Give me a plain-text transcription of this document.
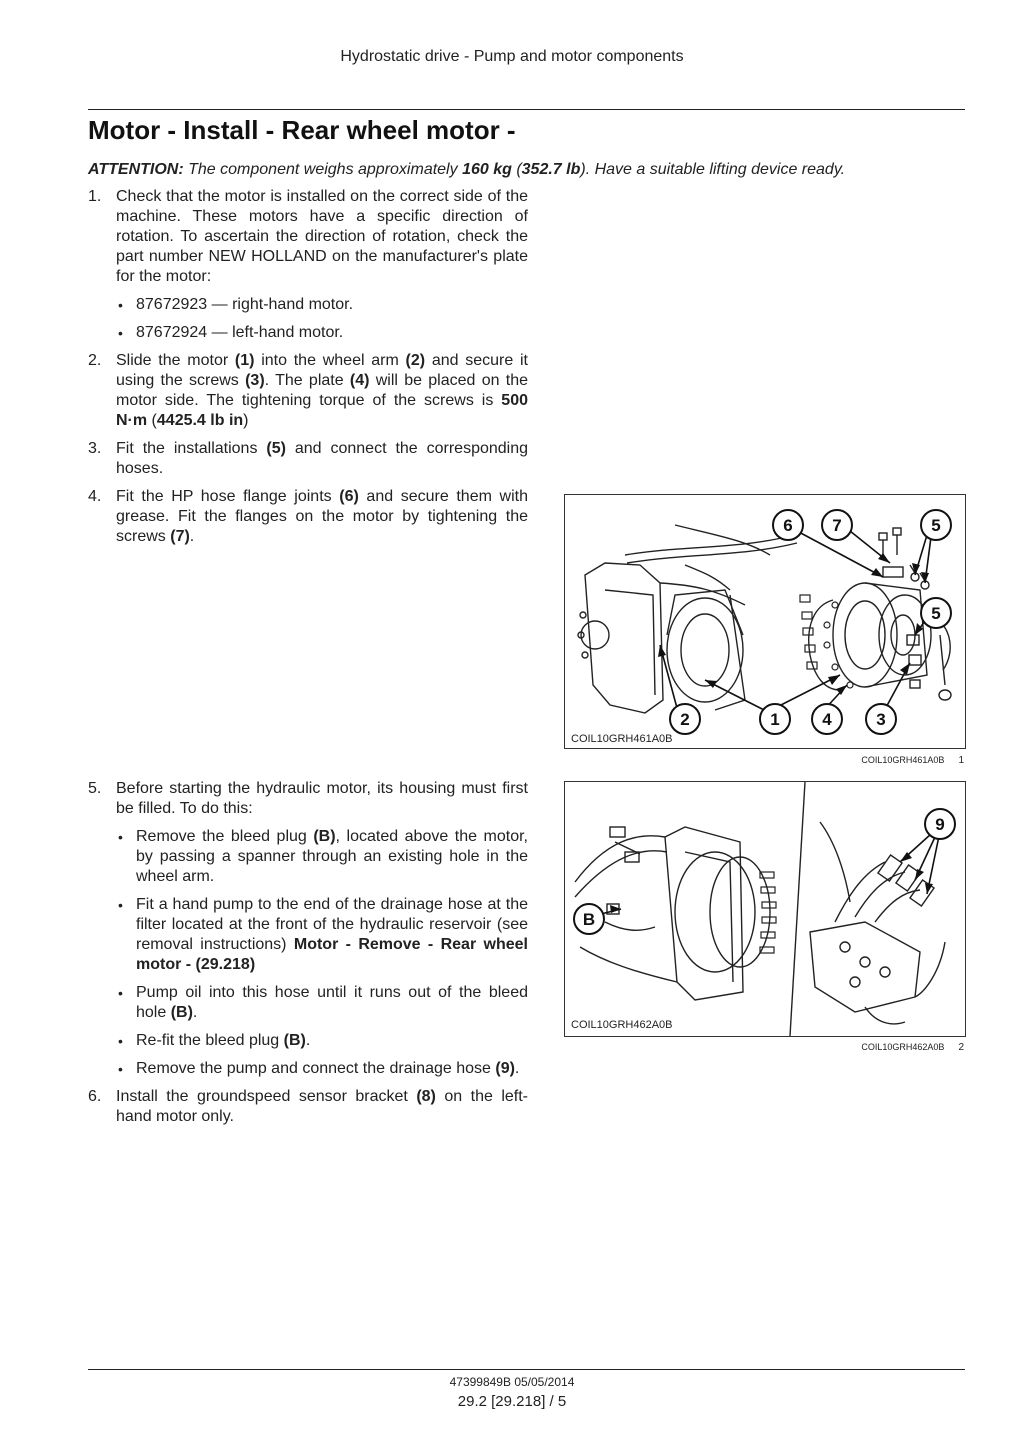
Hydrostatic drive - Pump and motor components
Motor - Install - Rear wheel motor -
ATTENTION: The component weighs approximately 160 kg (352.7 lb). Have a suitable lifting device ready.
1. Check that the motor is installed on the correct side of the machine. These motors have a specific direction of rotation. To ascertain the direction of rotation, check the part number NEW HOLLAND on the manufacturer's plate for the motor:
• 87672923 — right-hand motor.
• 87672924 — left-hand motor.
2. Slide the motor (1) into the wheel arm (2) and secure it using the screws (3). The plate (4) will be placed on the motor side. The tightening torque of the screws is 500 N·m (4425.4 lb in)
3. Fit the installations (5) and connect the corresponding hoses.
4. Fit the HP hose flange joints (6) and secure them with grease. Fit the flanges on the motor by tightening the screws (7).
6 7	5
5
2	1	4	3
COIL10GRH461A0B
COIL10GRH461A0B 1
5. Before starting the hydraulic motor, its housing must first be filled. To do this:
• Remove the bleed plug (B), located above the motor, by passing a spanner through an existing hole in the wheel arm.
• Fit a hand pump to the end of the drainage hose at the filter located at the front of the hydraulic reservoir (see removal instructions) Motor - Remove - Rear wheel motor - (29.218)
• Pump oil into this hose until it runs out of the bleed hole (B).
• Re-fit the bleed plug (B).
• Remove the pump and connect the drainage hose (9).
6. Install the groundspeed sensor bracket (8) on the left-hand motor only.
9
B
COIL10GRH462A0B
COIL10GRH462A0B 2
47399849B 05/05/2014
29.2 [29.218] / 5
